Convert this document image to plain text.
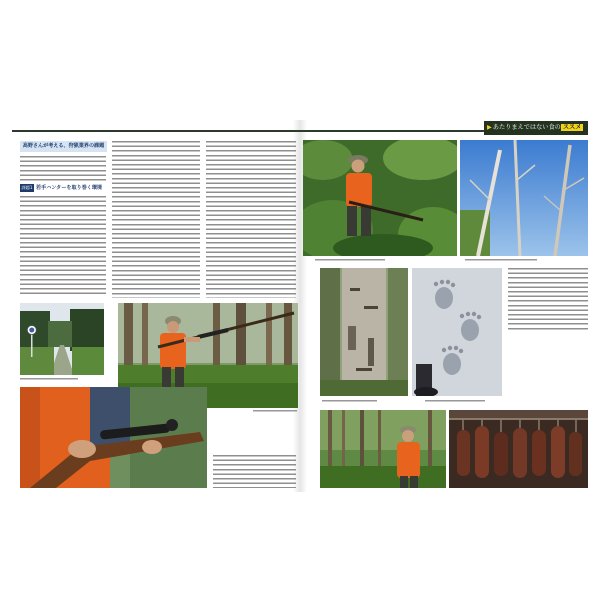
▶あたりまえではない食の ススメ
高野さんが考える、狩猟業界の課題
課題1 若手ハンターを取り巻く環境
